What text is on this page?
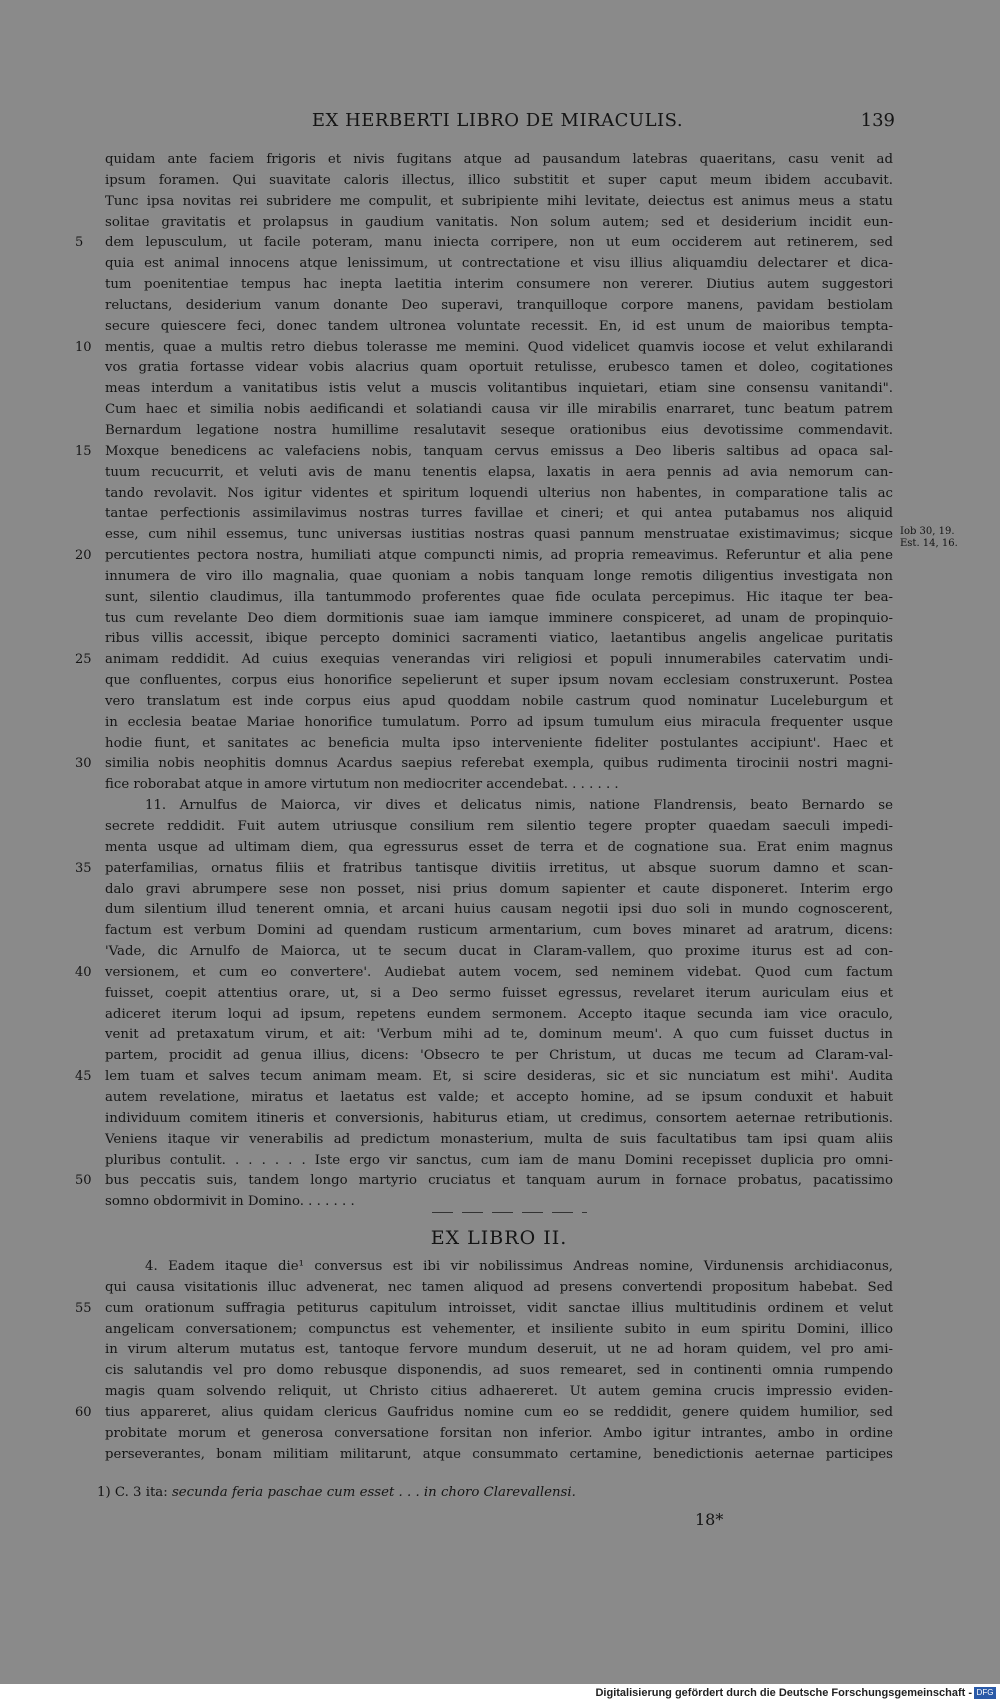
EX HERBERTI LIBRO DE MIRACULIS.	139
quidam ante faciem frigoris et nivis fugitans atque ad pausandum latebras quaeritans, casu venit ad
ipsum foramen. Qui suavitate caloris illectus, illico substitit et super caput meum ibidem accubavit.
Tunc ipsa novitas rei subridere me compulit, et subripiente mihi levitate, deiectus est animus meus a statu
solitae gravitatis et prolapsus in gaudium vanitatis. Non solum autem; sed et desiderium incidit eun-
5	dem lepusculum, ut facile poteram, manu iniecta corripere, non ut eum occiderem aut retinerem, sed
quia est animal innocens atque lenissimum, ut contrectatione et visu illius aliquamdiu delectarer et dica-
tum poenitentiae tempus hac inepta laetitia interim consumere non vererer. Diutius autem suggestori
reluctans, desiderium vanum donante Deo superavi, tranquilloque corpore manens, pavidam bestiolam
secure quiescere feci, donec tandem ultronea voluntate recessit. En, id est unum de maioribus tempta-
10	mentis, quae a multis retro diebus tolerasse me memini. Quod videlicet quamvis iocose et velut exhilarandi
vos gratia fortasse videar vobis alacrius quam oportuit retulisse, erubesco tamen et doleo, cogitationes
meas interdum a vanitatibus istis velut a muscis volitantibus inquietari, etiam sine consensu vanitandi".
Cum haec et similia nobis aedificandi et solatiandi causa vir ille mirabilis enarraret, tunc beatum patrem
Bernardum legatione nostra humillime resalutavit seseque orationibus eius devotissime commendavit.
15	Moxque benedicens ac valefaciens nobis, tanquam cervus emissus a Deo liberis saltibus ad opaca sal-
tuum recucurrit, et veluti avis de manu tenentis elapsa, laxatis in aera pennis ad avia nemorum can-
tando revolavit. Nos igitur videntes et spiritum loquendi ulterius non habentes, in comparatione talis ac
tantae perfectionis assimilavimus nostras turres favillae et cineri; et qui antea putabamus nos aliquid
esse, cum nihil essemus, tunc universas iustitias nostras quasi pannum menstruatae existimavimus; sicque
20	percutientes pectora nostra, humiliati atque compuncti nimis, ad propria remeavimus. Referuntur et alia pene
innumera de viro illo magnalia, quae quoniam a nobis tanquam longe remotis diligentius investigata non
sunt, silentio claudimus, illa tantummodo proferentes quae fide oculata percepimus. Hic itaque ter bea-
tus cum revelante Deo diem dormitionis suae iam iamque imminere conspiceret, ad unam de propinquio-
ribus villis accessit, ibique percepto dominici sacramenti viatico, laetantibus angelis angelicae puritatis
25	animam reddidit. Ad cuius exequias venerandas viri religiosi et populi innumerabiles catervatim undi-
que confluentes, corpus eius honorifice sepelierunt et super ipsum novam ecclesiam construxerunt. Postea
vero translatum est inde corpus eius apud quoddam nobile castrum quod nominatur Luceleburgum et
in ecclesia beatae Mariae honorifice tumulatum. Porro ad ipsum tumulum eius miracula frequenter usque
hodie fiunt, et sanitates ac beneficia multa ipso interveniente fideliter postulantes accipiunt'. Haec et
30	similia nobis neophitis domnus Acardus saepius referebat exempla, quibus rudimenta tirocinii nostri magni-
fice roborabat atque in amore virtutum non mediocriter accendebat. . . . . . .
11. Arnulfus de Maiorca, vir dives et delicatus nimis, natione Flandrensis, beato Bernardo se
secrete reddidit. Fuit autem utriusque consilium rem silentio tegere propter quaedam saeculi impedi-
menta usque ad ultimam diem, qua egressurus esset de terra et de cognatione sua. Erat enim magnus
35	paterfamilias, ornatus filiis et fratribus tantisque divitiis irretitus, ut absque suorum damno et scan-
dalo gravi abrumpere sese non posset, nisi prius domum sapienter et caute disponeret. Interim ergo
dum silentium illud tenerent omnia, et arcani huius causam negotii ipsi duo soli in mundo cognoscerent,
factum est verbum Domini ad quendam rusticum armentarium, cum boves minaret ad aratrum, dicens:
'Vade, dic Arnulfo de Maiorca, ut te secum ducat in Claram-vallem, quo proxime iturus est ad con-
40	versionem, et cum eo convertere'. Audiebat autem vocem, sed neminem videbat. Quod cum factum
fuisset, coepit attentius orare, ut, si a Deo sermo fuisset egressus, revelaret iterum auriculam eius et
adiceret iterum loqui ad ipsum, repetens eundem sermonem. Accepto itaque secunda iam vice oraculo,
venit ad pretaxatum virum, et ait: 'Verbum mihi ad te, dominum meum'. A quo cum fuisset ductus in
partem, procidit ad genua illius, dicens: 'Obsecro te per Christum, ut ducas me tecum ad Claram-val-
45	lem tuam et salves tecum animam meam. Et, si scire desideras, sic et sic nunciatum est mihi'. Audita
autem revelatione, miratus et laetatus est valde; et accepto homine, ad se ipsum conduxit et habuit
individuum comitem itineris et conversionis, habiturus etiam, ut credimus, consortem aeternae retributionis.
Veniens itaque vir venerabilis ad predictum monasterium, multa de suis facultatibus tam ipsi quam aliis
pluribus contulit. . . . . . . Iste ergo vir sanctus, cum iam de manu Domini recepisset duplicia pro omni-
50	bus peccatis suis, tandem longo martyrio cruciatus et tanquam aurum in fornace probatus, pacatissimo
somno obdormivit in Domino. . . . . . .
Iob 30, 19.
Est. 14, 16.
EX LIBRO II.
4. Eadem itaque die¹ conversus est ibi vir nobilissimus Andreas nomine, Virdunensis archidiaconus,
qui causa visitationis illuc advenerat, nec tamen aliquod ad presens convertendi propositum habebat. Sed
55	cum orationum suffragia petiturus capitulum introisset, vidit sanctae illius multitudinis ordinem et velut
angelicam conversationem; compunctus est vehementer, et insiliente subito in eum spiritu Domini, illico
in virum alterum mutatus est, tantoque fervore mundum deseruit, ut ne ad horam quidem, vel pro ami-
cis salutandis vel pro domo rebusque disponendis, ad suos remearet, sed in continenti omnia rumpendo
magis quam solvendo reliquit, ut Christo citius adhaereret. Ut autem gemina crucis impressio eviden-
60	tius appareret, alius quidam clericus Gaufridus nomine cum eo se reddidit, genere quidem humilior, sed
probitate morum et generosa conversatione forsitan non inferior. Ambo igitur intrantes, ambo in ordine
perseverantes, bonam militiam militarunt, atque consummato certamine, benedictionis aeternae participes
1) C. 3 ita: secunda feria paschae cum esset . . . in choro Clarevallensi.
18*
Digitalisierung gefördert durch die Deutsche Forschungsgemeinschaft - DFG
